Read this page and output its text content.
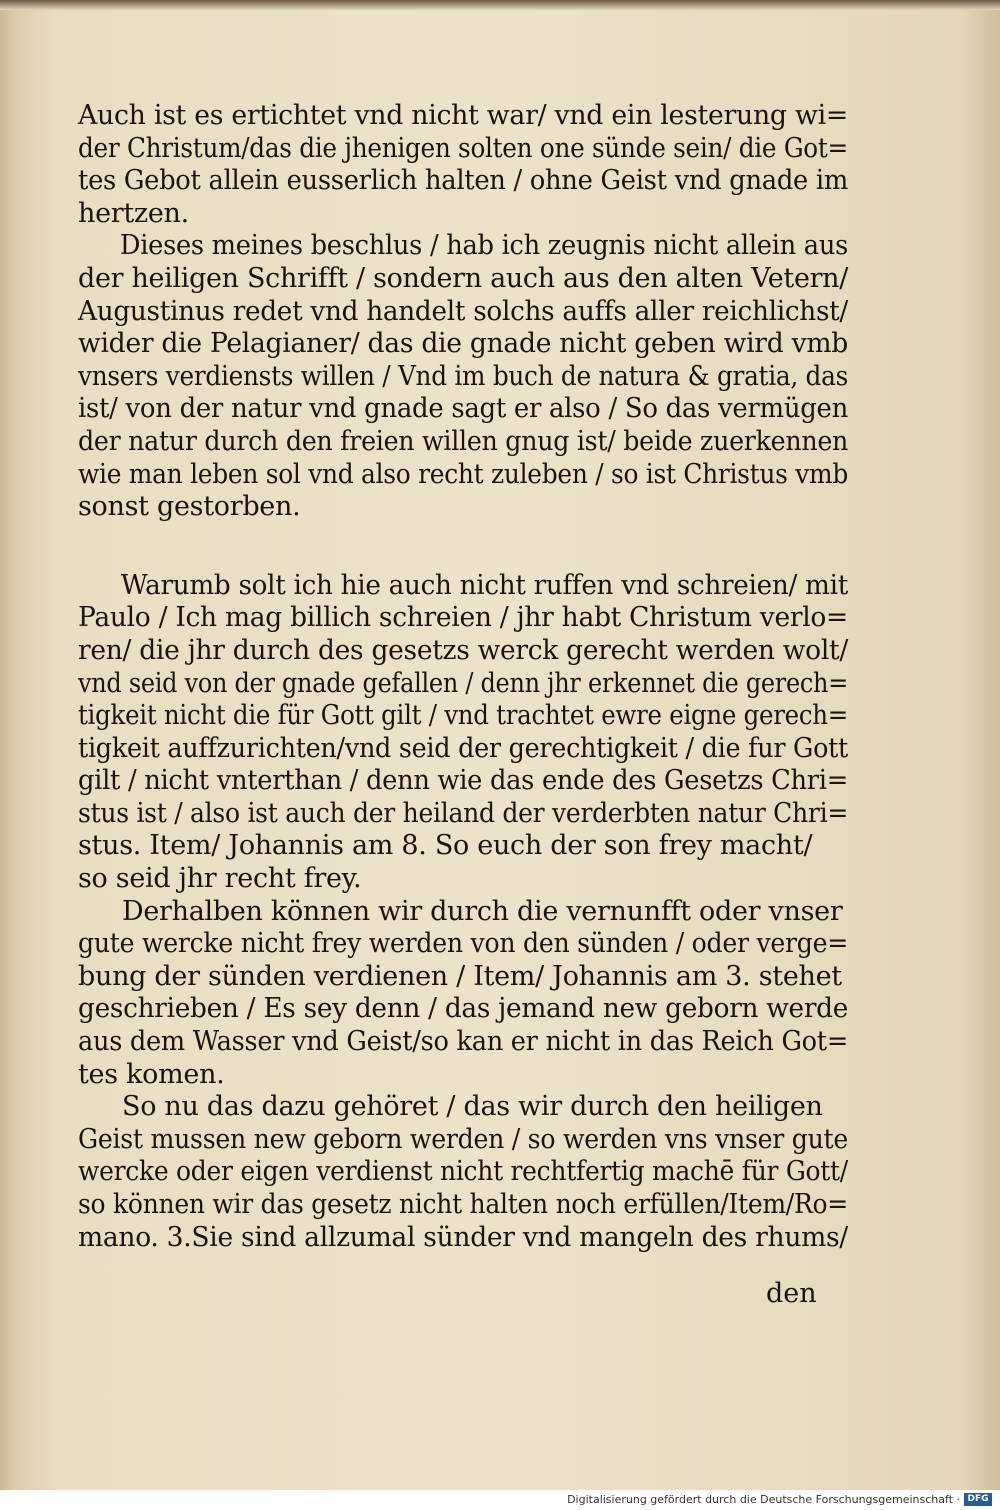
Auch ist es ertichtet vnd nicht war/ vnd ein lesterung wi=
der Christum/das die jhenigen solten one sünde sein/ die Got=
tes Gebot allein eusserlich halten / ohne Geist vnd gnade im
hertzen.

Dieses meines beschlus / hab ich zeugnis nicht allein aus
der heiligen Schrifft / sondern auch aus den alten Vetern/
Augustinus redet vnd handelt solchs auffs aller reichlichst/
wider die Pelagianer/ das die gnade nicht geben wird vmb
vnsers verdiensts willen / Vnd im buch de natura & gratia, das
ist/ von der natur vnd gnade sagt er also / So das vermügen
der natur durch den freien willen gnug ist/ beide zuerkennen
wie man leben sol vnd also recht zuleben / so ist Christus vmb
sonst gestorben.

Warumb solt ich hie auch nicht ruffen vnd schreien/ mit
Paulo / Ich mag billich schreien / jhr habt Christum verlo=
ren/ die jhr durch des gesetzs werck gerecht werden wolt/
vnd seid von der gnade gefallen / denn jhr erkennet die gerech=
tigkeit nicht die für Gott gilt / vnd trachtet ewre eigne gerech=
tigkeit auffzurichten/vnd seid der gerechtigkeit / die fur Gott
gilt / nicht vnterthan / denn wie das ende des Gesetzs Chri=
stus ist / also ist auch der heiland der verderbten natur Chri=
stus. Item/ Johannis am 8. So euch der son frey macht/
so seid jhr recht frey.

Derhalben können wir durch die vernunfft oder vnser
gute wercke nicht frey werden von den sünden / oder verge=
bung der sünden verdienen / Item/ Johannis am 3. stehet
geschrieben / Es sey denn / das jemand new geborn werde
aus dem Wasser vnd Geist/so kan er nicht in das Reich Got=
tes komen.

So nu das dazu gehöret / das wir durch den heiligen
Geist mussen new geborn werden / so werden vns vnser gute
wercke oder eigen verdienst nicht rechtfertig machē für Gott/
so können wir das gesetz nicht halten noch erfüllen/Item/Ro=
mano. 3.Sie sind allzumal sünder vnd mangeln des rhums/

den
Digitalisierung gefördert durch die Deutsche Forschungsgemeinschaft · DFG
